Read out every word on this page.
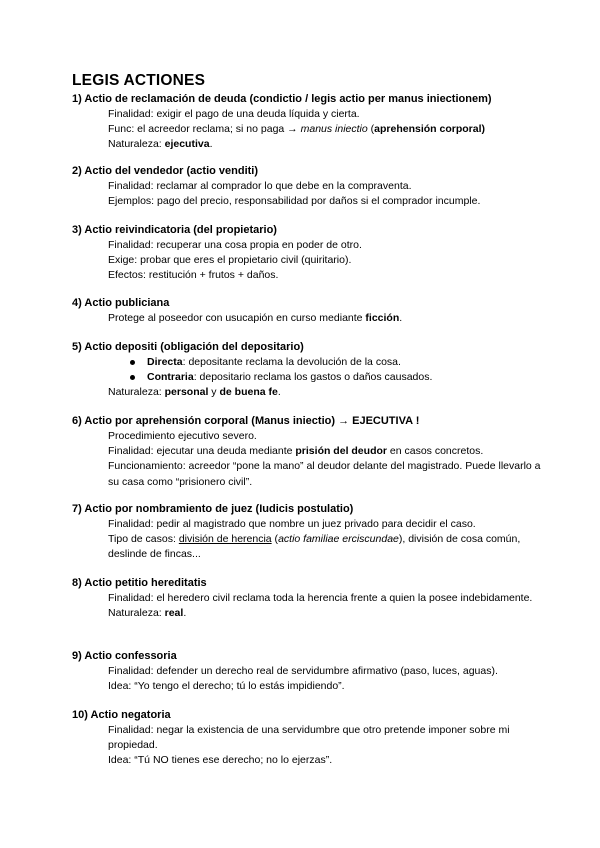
LEGIS ACTIONES
1) Actio de reclamación de deuda (condictio / legis actio per manus iniectionem)
Finalidad: exigir el pago de una deuda líquida y cierta.
Func: el acreedor reclama; si no paga → manus iniectio (aprehensión corporal)
Naturaleza: ejecutiva.
2) Actio del vendedor (actio venditi)
Finalidad: reclamar al comprador lo que debe en la compraventa.
Ejemplos: pago del precio, responsabilidad por daños si el comprador incumple.
3) Actio reivindicatoria (del propietario)
Finalidad: recuperar una cosa propia en poder de otro.
Exige: probar que eres el propietario civil (quiritario).
Efectos: restitución + frutos + daños.
4) Actio publiciana
Protege al poseedor con usucapión en curso mediante ficción.
5) Actio depositi (obligación del depositario)
Directa: depositante reclama la devolución de la cosa.
Contraria: depositario reclama los gastos o daños causados.
Naturaleza: personal y de buena fe.
6) Actio por aprehensión corporal (Manus iniectio) → EJECUTIVA !
Procedimiento ejecutivo severo.
Finalidad: ejecutar una deuda mediante prisión del deudor en casos concretos.
Funcionamiento: acreedor “pone la mano” al deudor delante del magistrado. Puede llevarlo a su casa como “prisionero civil”.
7) Actio por nombramiento de juez (Iudicis postulatio)
Finalidad: pedir al magistrado que nombre un juez privado para decidir el caso.
Tipo de casos: división de herencia (actio familiae erciscundae), división de cosa común, deslinde de fincas...
8) Actio petitio hereditatis
Finalidad: el heredero civil reclama toda la herencia frente a quien la posee indebidamente.
Naturaleza: real.
9) Actio confessoria
Finalidad: defender un derecho real de servidumbre afirmativo (paso, luces, aguas).
Idea: “Yo tengo el derecho; tú lo estás impidiendo”.
10) Actio negatoria
Finalidad: negar la existencia de una servidumbre que otro pretende imponer sobre mi propiedad.
Idea: “Tú NO tienes ese derecho; no lo ejerzas”.
